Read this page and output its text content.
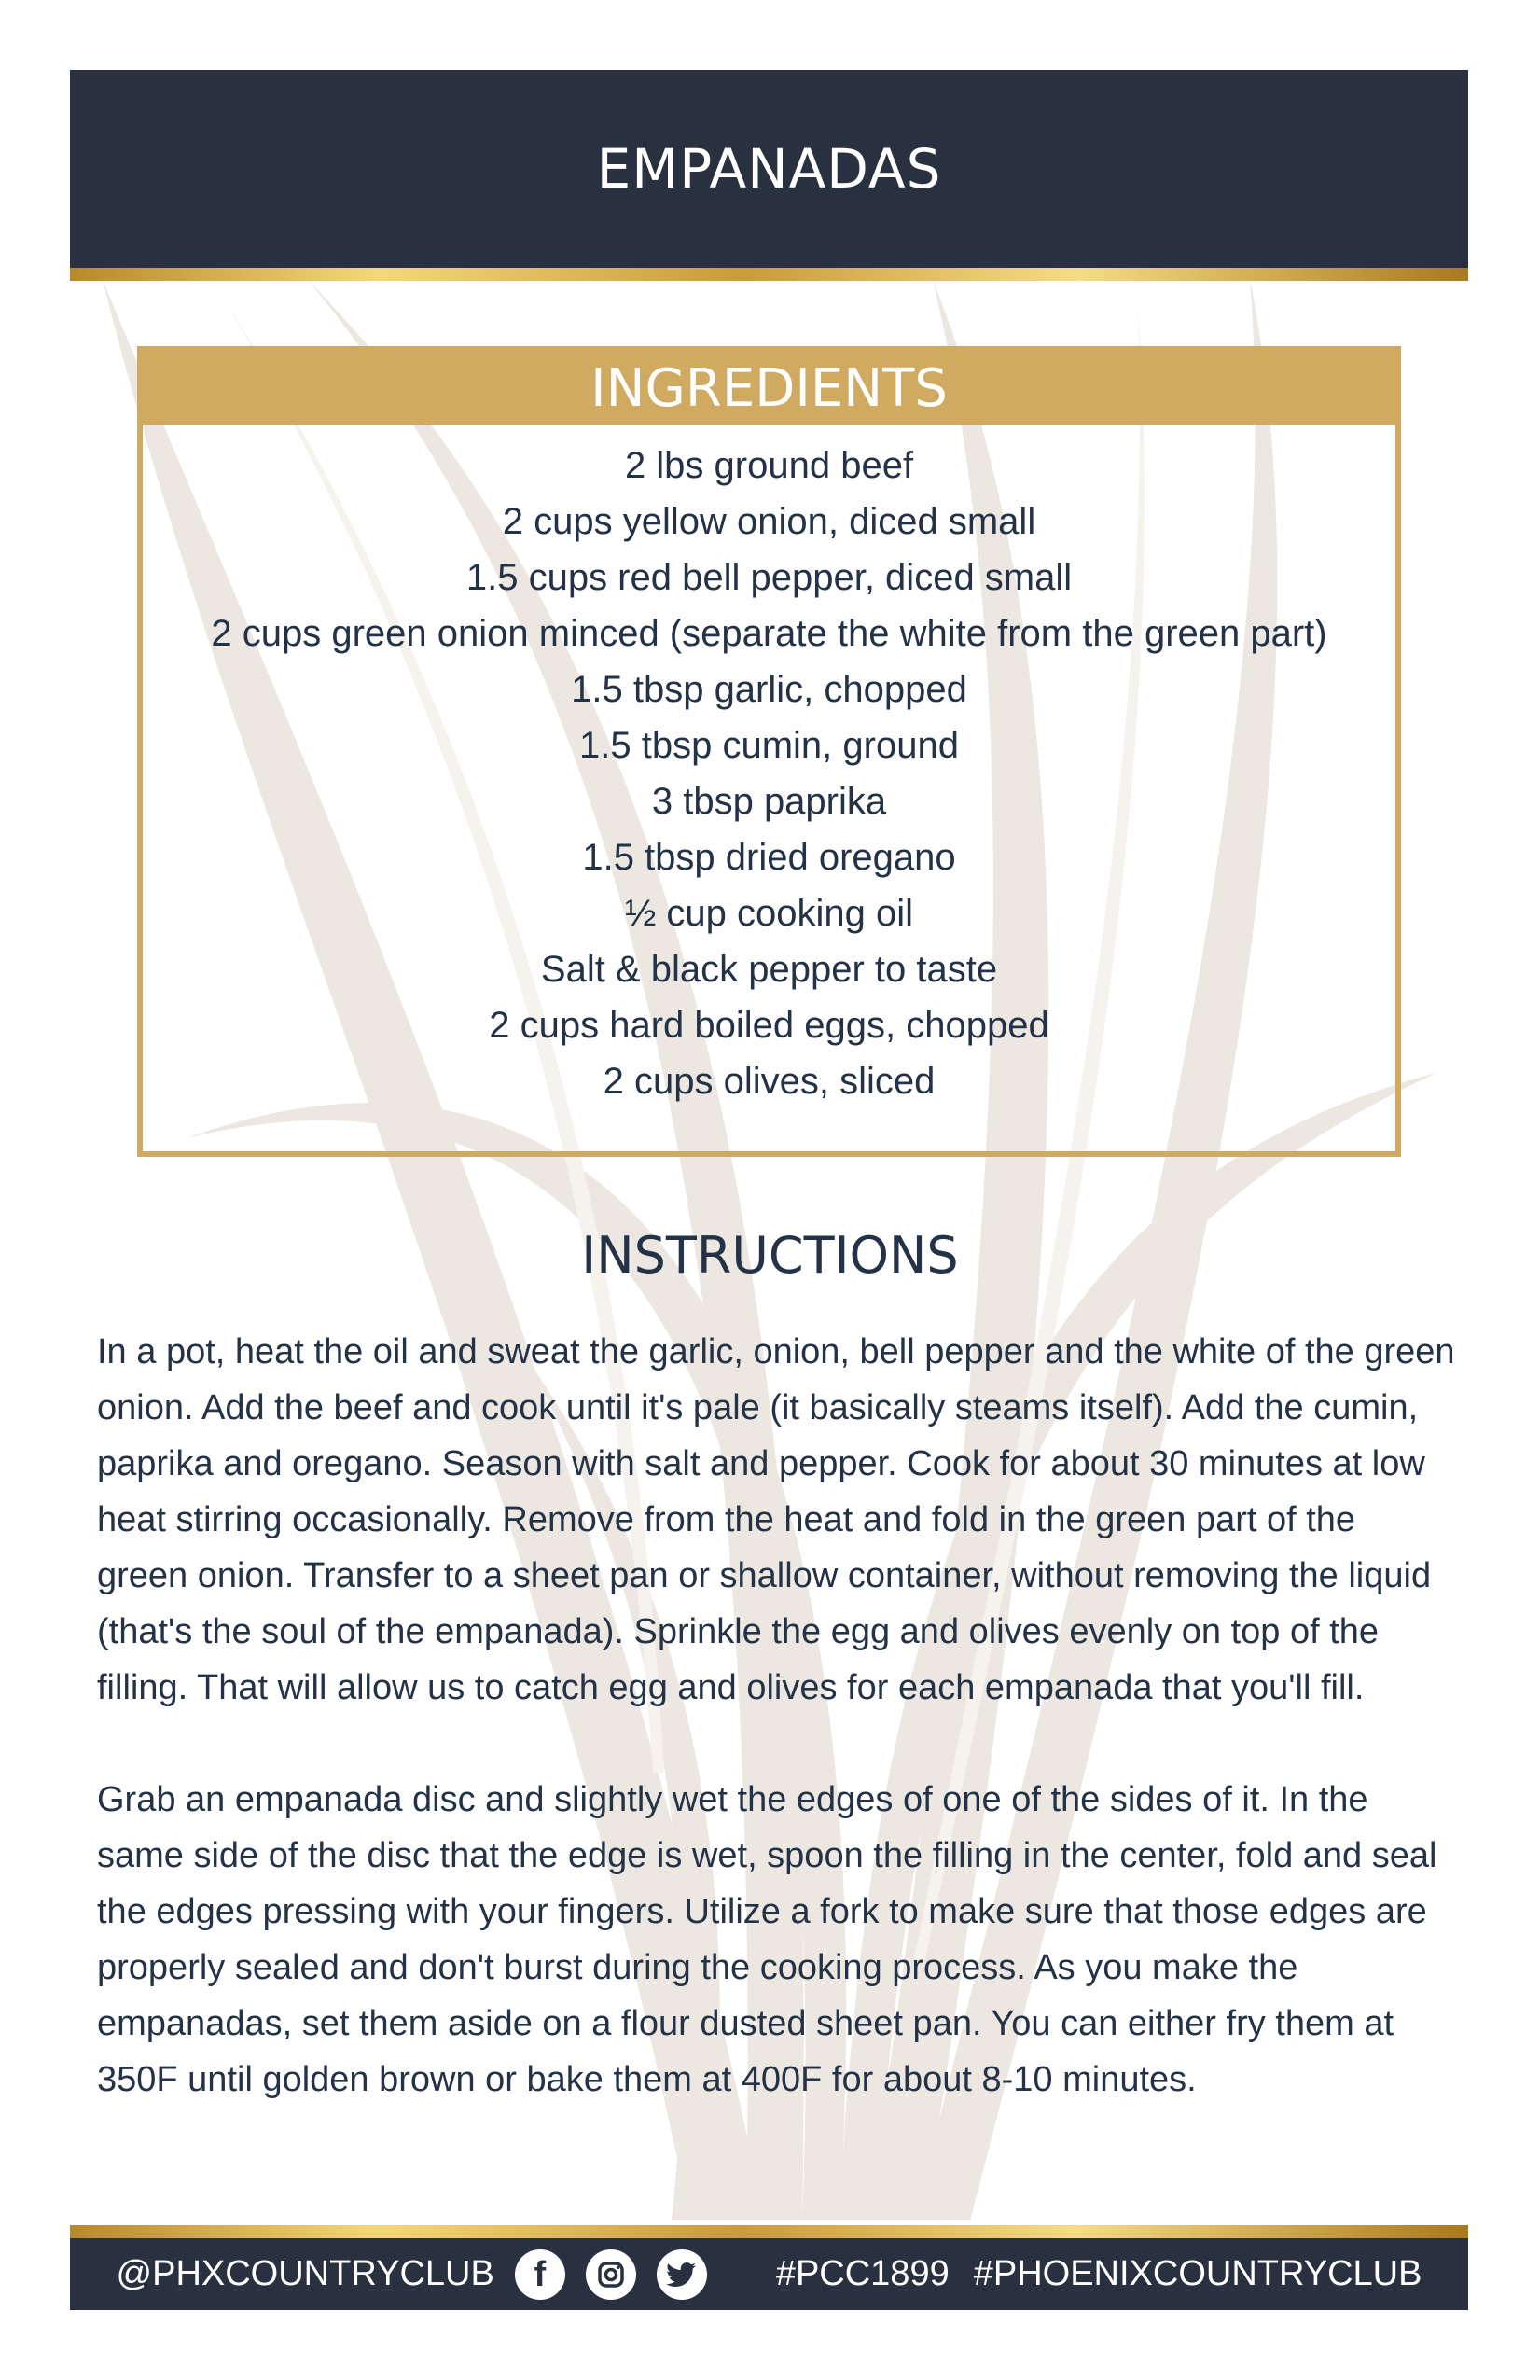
EMPANADAS
INGREDIENTS
2 lbs ground beef
2 cups yellow onion, diced small
1.5 cups red bell pepper, diced small
2 cups green onion minced (separate the white from the green part)
1.5 tbsp garlic, chopped
1.5 tbsp cumin, ground
3 tbsp paprika
1.5 tbsp dried oregano
½ cup cooking oil
Salt & black pepper to taste
2 cups hard boiled eggs, chopped
2 cups olives, sliced
INSTRUCTIONS

In a pot, heat the oil and sweat the garlic, onion, bell pepper and the white of the green onion. Add the beef and cook until it's pale (it basically steams itself). Add the cumin, paprika and oregano. Season with salt and pepper. Cook for about 30 minutes at low heat stirring occasionally. Remove from the heat and fold in the green part of the green onion. Transfer to a sheet pan or shallow container, without removing the liquid (that's the soul of the empanada). Sprinkle the egg and olives evenly on top of the filling. That will allow us to catch egg and olives for each empanada that you'll fill.

Grab an empanada disc and slightly wet the edges of one of the sides of it. In the same side of the disc that the edge is wet, spoon the filling in the center, fold and seal the edges pressing with your fingers. Utilize a fork to make sure that those edges are properly sealed and don't burst during the cooking process. As you make the empanadas, set them aside on a flour dusted sheet pan. You can either fry them at 350F until golden brown or bake them at 400F for about 8-10 minutes.

@PHXCOUNTRYCLUB f	#PCC1899 #PHOENIXCOUNTRYCLUB
